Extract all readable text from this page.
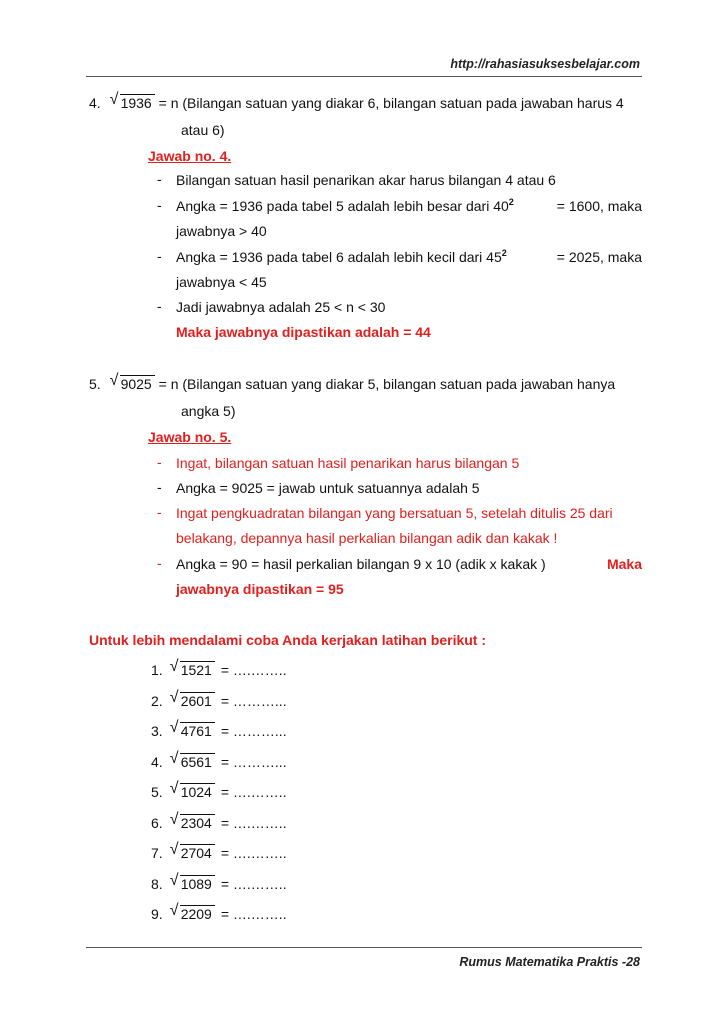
http://rahasiasuksesbelajar.com
4. √ 1936 = n (Bilangan satuan yang diakar 6, bilangan satuan pada jawaban harus 4
atau 6)
Jawab no. 4.
- Bilangan satuan hasil penarikan akar harus bilangan 4 atau 6
- Angka = 1936 pada tabel 5 adalah lebih besar dari $40^2$	= 1600, maka
jawabnya > 40
- Angka = 1936 pada tabel 6 adalah lebih kecil dari $45^2$	= 2025, maka
jawabnya < 45
- Jadi jawabnya adalah 25 < n < 30
Maka jawabnya dipastikan adalah = 44
5. √ 9025 = n (Bilangan satuan yang diakar 5, bilangan satuan pada jawaban hanya
angka 5)
Jawab no. 5.
- Ingat, bilangan satuan hasil penarikan harus bilangan 5
- Angka = 9025 = jawab untuk satuannya adalah 5
- Ingat pengkuadratan bilangan yang bersatuan 5, setelah ditulis 25 dari
belakang, depannya hasil perkalian bilangan adik dan kakak !
- Angka = 90 = hasil perkalian bilangan 9 x 10 (adik x kakak )	Maka
jawabnya dipastikan = 95
Untuk lebih mendalami coba Anda kerjakan latihan berikut :
1. √ 1521 = ….……..
2. √ 2601 = ………...
3. √ 4761 = ………...
4. √ 6561 = ………...
5. √ 1024 = ….……..
6. √ 2304 = ….……..
7. √ 2704 = ….……..
8. √ 1089 = ….……..
9. √ 2209 = ….……..
Rumus Matematika Praktis -28
